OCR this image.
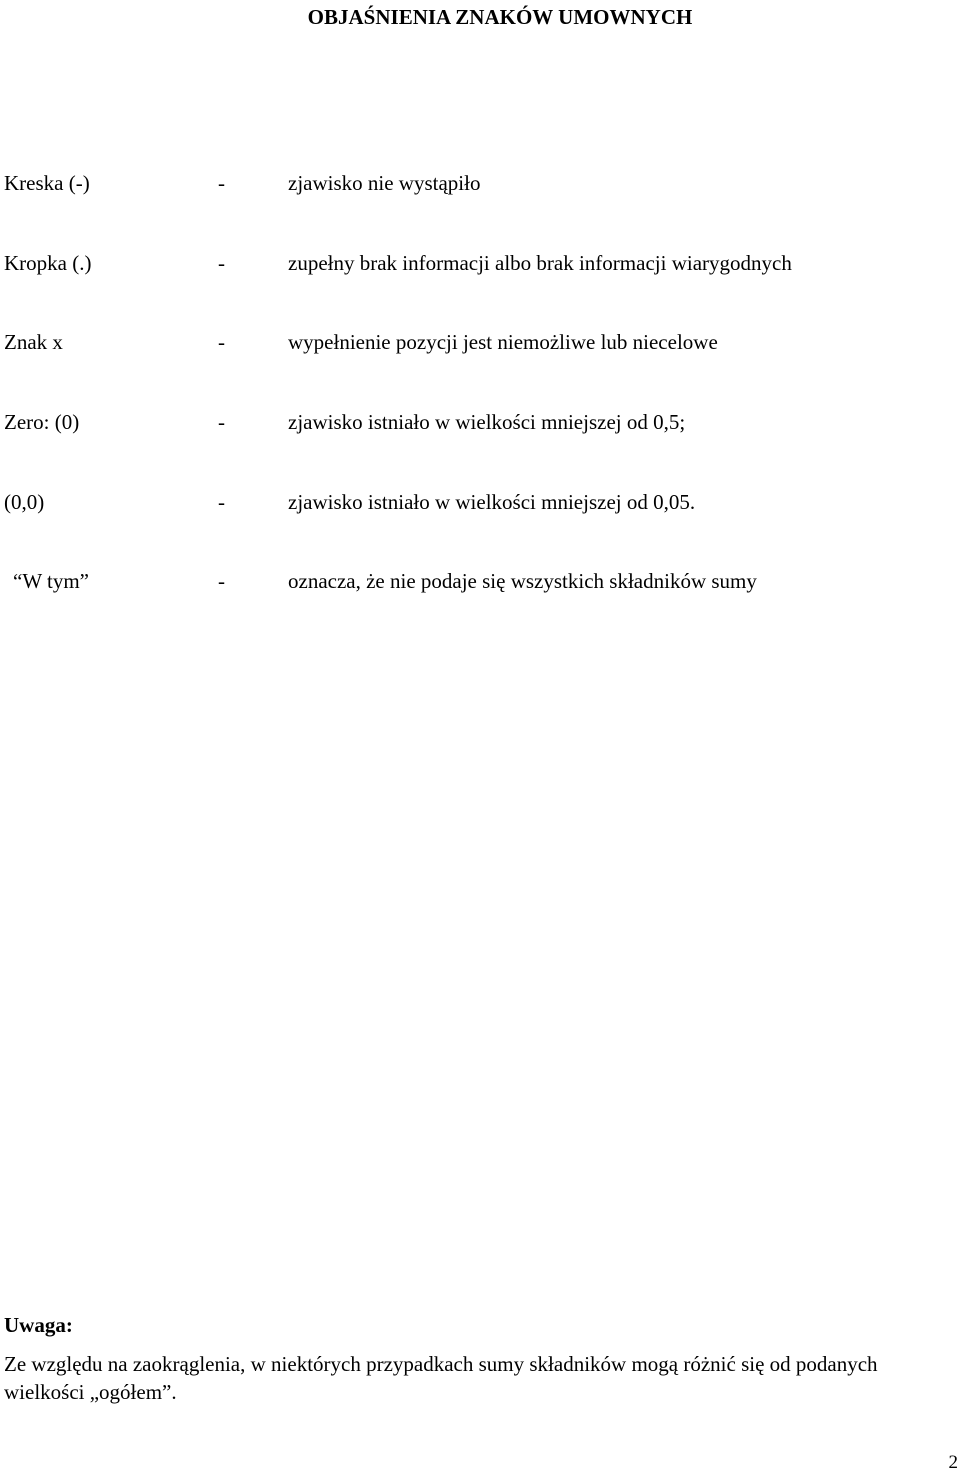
OBJAŚNIENIA ZNAKÓW UMOWNYCH
Kreska (-)	-	zjawisko nie wystąpiło
Kropka (.)	-	zupełny brak informacji albo brak informacji wiarygodnych
Znak x	-	wypełnienie pozycji jest niemożliwe lub niecelowe
Zero: (0)	-	zjawisko istniało w wielkości mniejszej od 0,5;
(0,0)	-	zjawisko istniało w wielkości mniejszej od 0,05.
“W tym”	-	oznacza, że nie podaje się wszystkich składników sumy
Uwaga:
Ze względu na zaokrąglenia, w niektórych przypadkach sumy składników mogą różnić się od podanych wielkości „ogółem”.
2
